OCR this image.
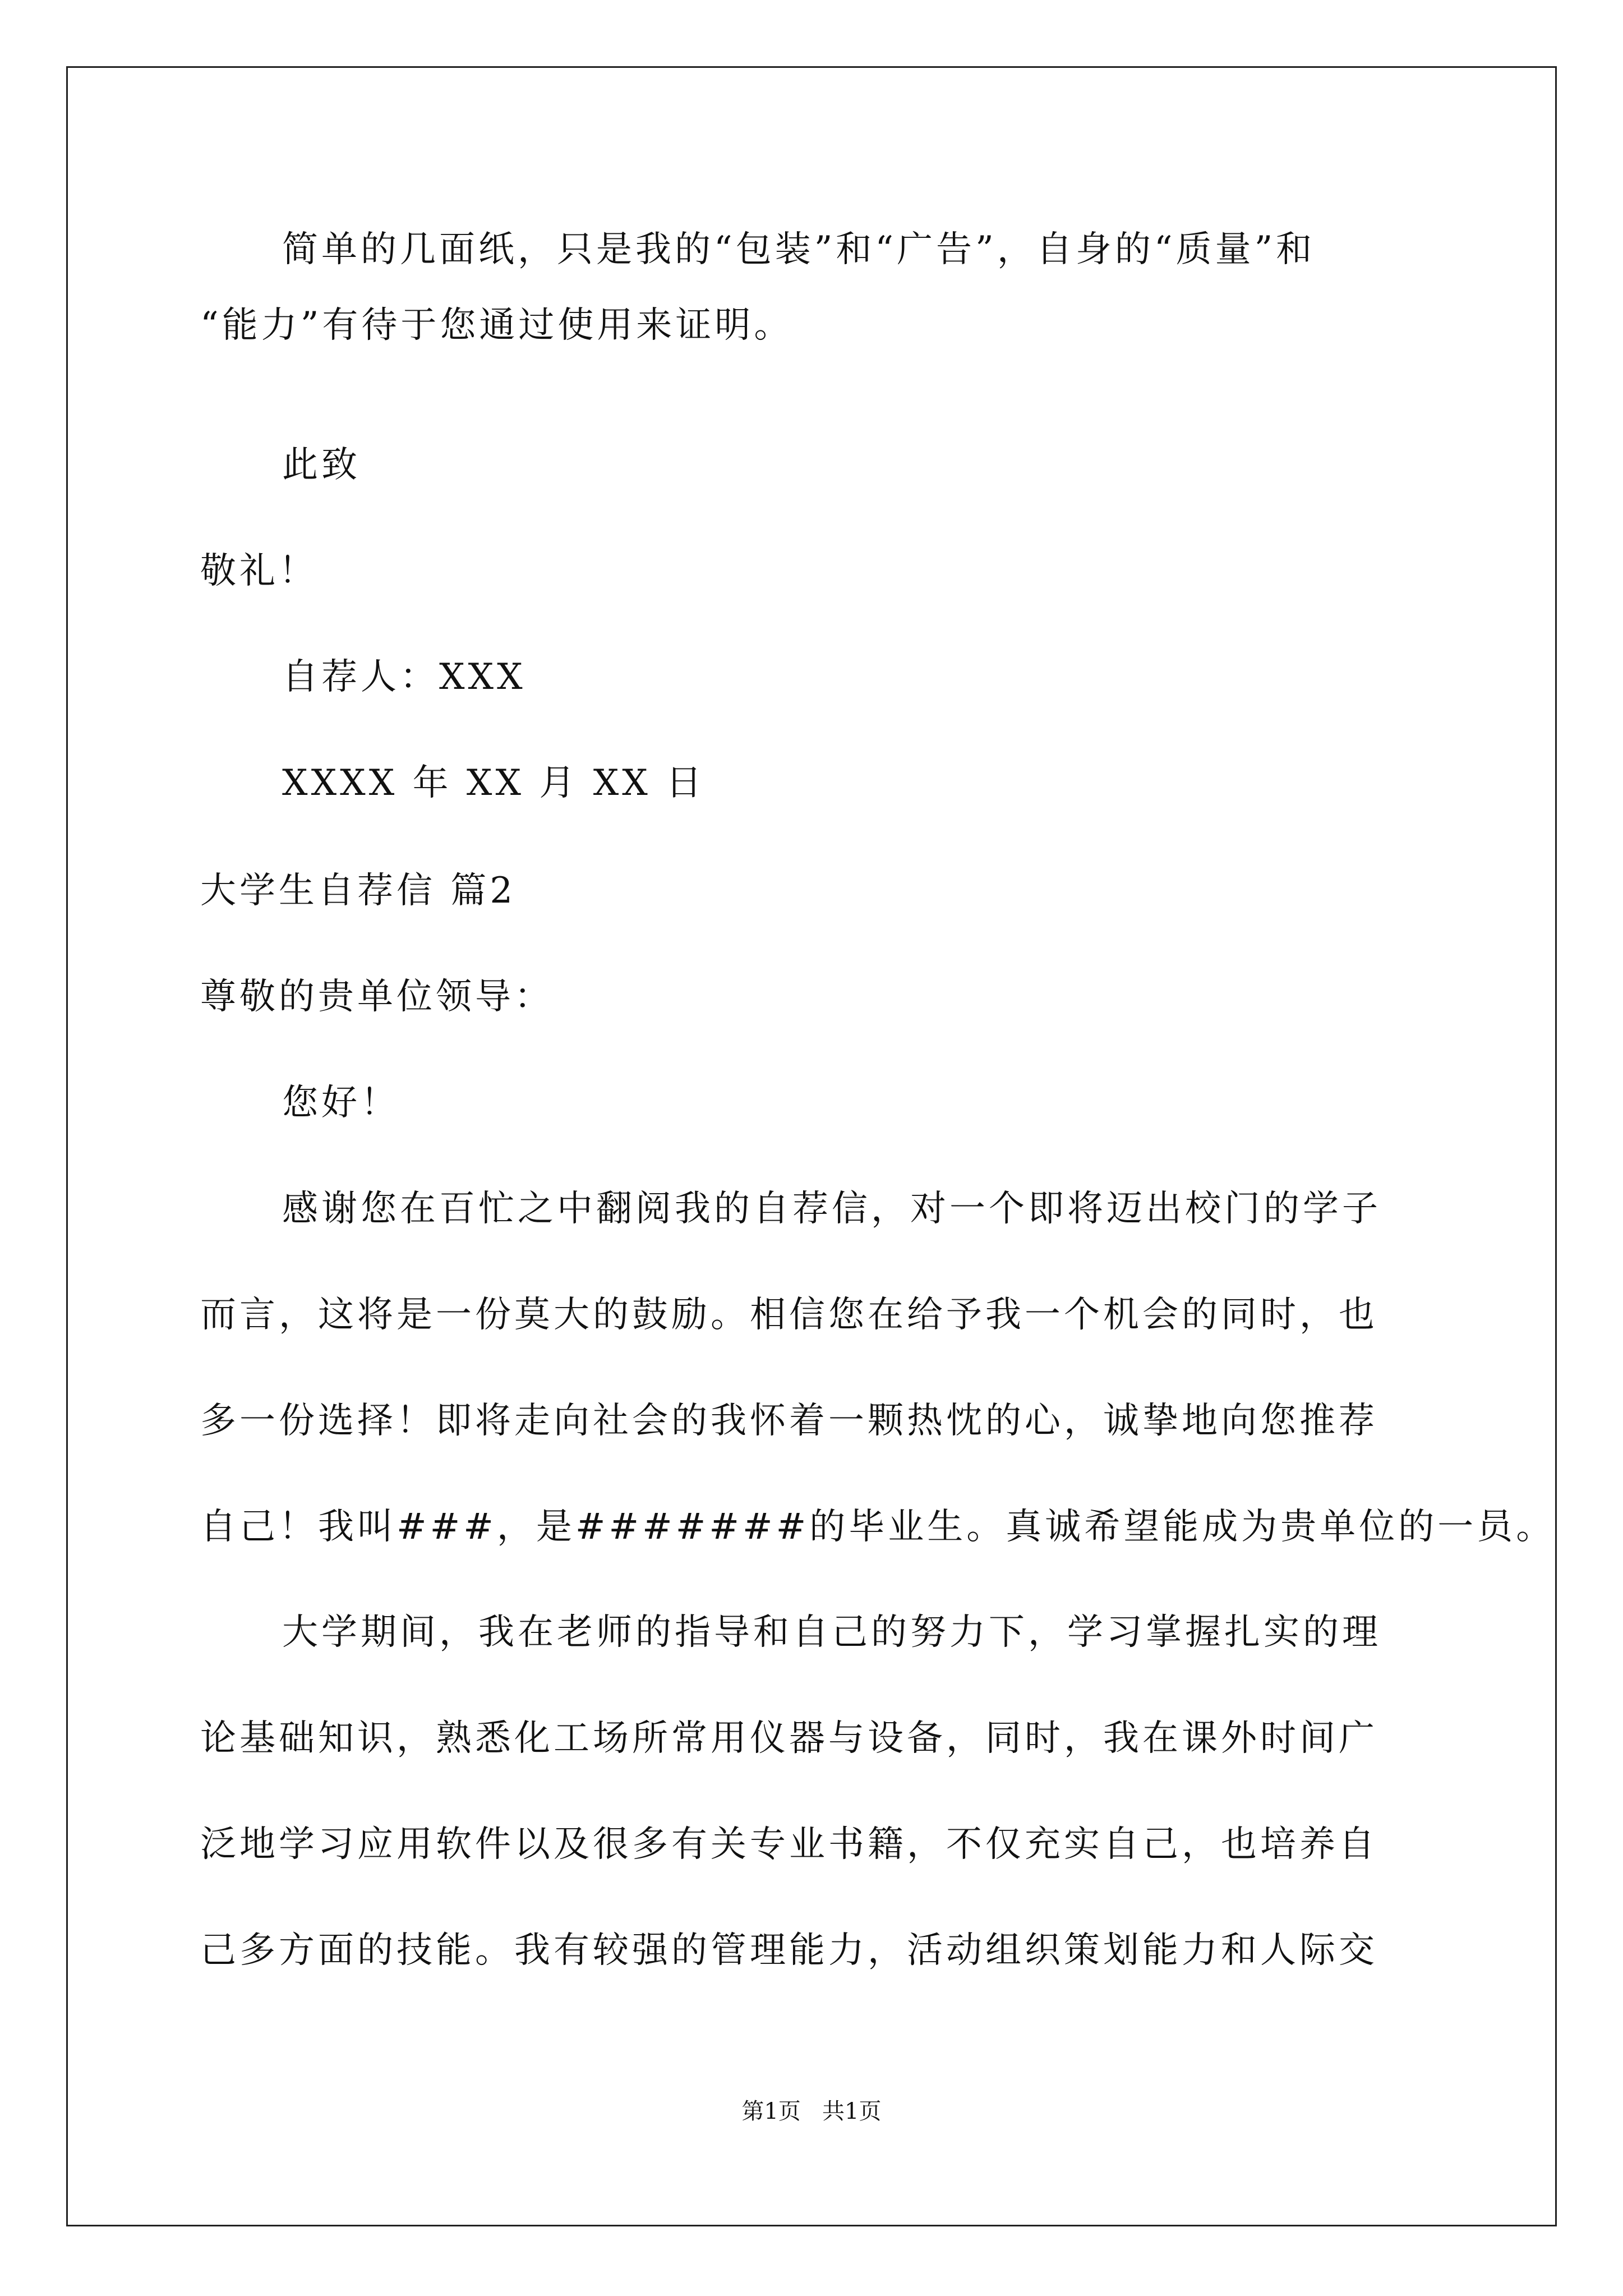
简单的几面纸，只是我的“包装”和“广告”，自身的“质量”和
“能力”有待于您通过使用来证明。
此致
敬礼！
自荐人：XXX
XXXX 年 XX 月 XX 日
大学生自荐信 篇2
尊敬的贵单位领导：
您好！
感谢您在百忙之中翻阅我的自荐信，对一个即将迈出校门的学子
而言，这将是一份莫大的鼓励。相信您在给予我一个机会的同时，也
多一份选择！即将走向社会的我怀着一颗热忱的心，诚挚地向您推荐
自己！我叫###，是#######的毕业生。真诚希望能成为贵单位的一员。
大学期间，我在老师的指导和自己的努力下，学习掌握扎实的理
论基础知识，熟悉化工场所常用仪器与设备，同时，我在课外时间广
泛地学习应用软件以及很多有关专业书籍，不仅充实自己，也培养自
己多方面的技能。我有较强的管理能力，活动组织策划能力和人际交
第1页   共1页
